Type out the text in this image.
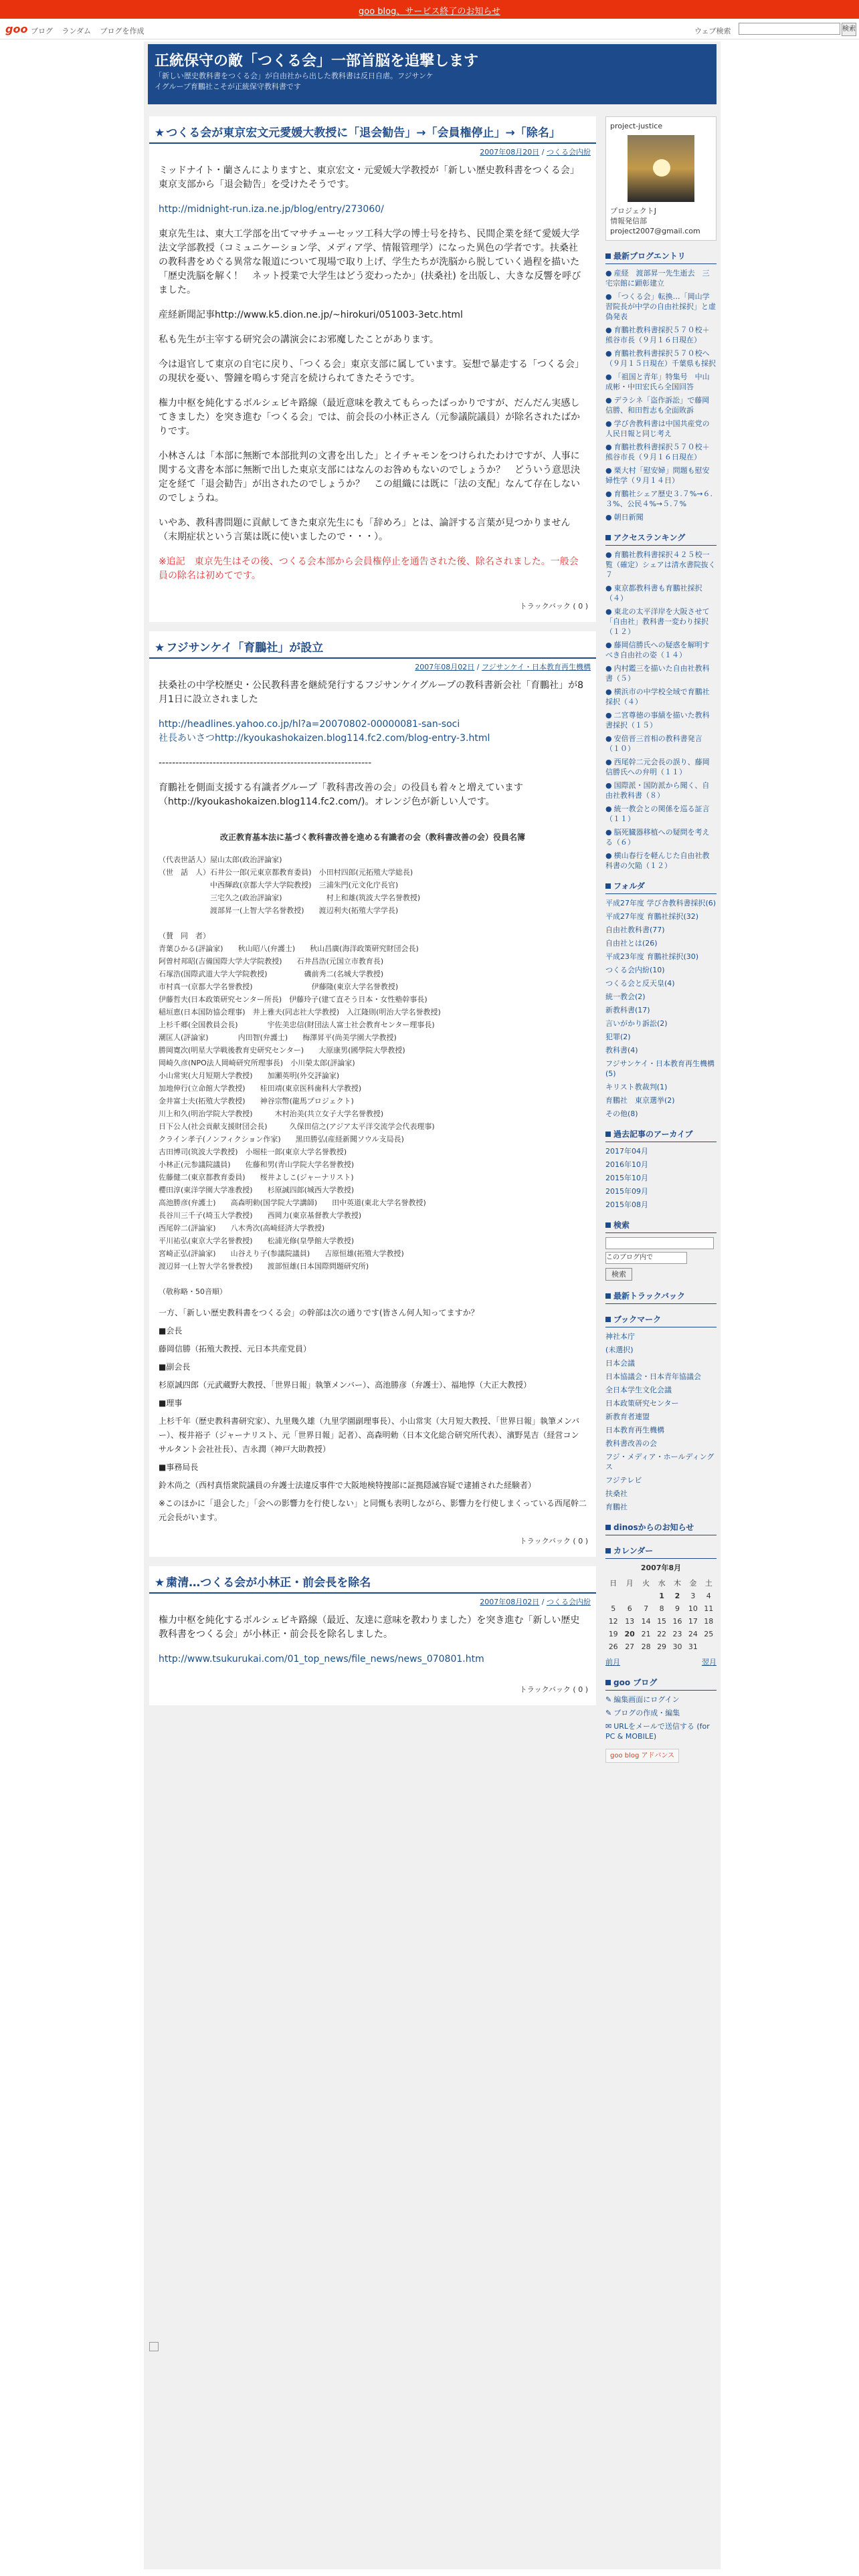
goo blog、サービス終了のお知らせ
goo ブログ ランダム ブログを作成	ウェブ検索	検索
正統保守の敵「つくる会」一部首脳を追撃します
「新しい歴史教科書をつくる会」が自由社から出した教科書は反日自虐。フジサンケイグループ育鵬社こそが正統保守教科書です
★ つくる会が東京宏文元愛媛大教授に「退会勧告」→「会員権停止」→「除名」
2007年08月20日 / つくる会内紛

ミッドナイト・蘭さんによりますと、東京宏文・元愛媛大学教授が「新しい歴史教科書をつくる会」東京支部から「退会勧告」を受けたそうです。

http://midnight-run.iza.ne.jp/blog/entry/273060/

東京先生は、東大工学部を出てマサチューセッツ工科大学の博士号を持ち、民間企業を経て愛媛大学法文学部教授（コミュニケーション学、メディア学、情報管理学）になった異色の学者です。扶桑社の教科書をめぐる異常な報道について現場で取り上げ、学生たちが洗脳から脱していく過程を描いた「歴史洗脳を解く！　ネット授業で大学生はどう変わったか」(扶桑社) を出版し、大きな反響を呼びました。

産経新聞記事http://www.k5.dion.ne.jp/~hirokuri/051003-3etc.html

私も先生が主宰する研究会の講演会にお邪魔したことがあります。

今は退官して東京の自宅に戻り、「つくる会」東京支部に属しています。妄想で暴走する「つくる会」の現状を憂い、警鐘を鳴らす発言を続けられてきたそうです。

権力中枢を純化するボルシェビキ路線（最近意味を教えてもらったばっかりですが、だんだん実感してきました）を突き進む「つくる会」では、前会長の小林正さん（元参議院議員）が除名されたばかりです。

小林さんは「本部に無断で本部批判の文書を出した」とイチャモンをつけられたわけですが、人事に関する文書を本部に無断で出した東京支部にはなんのお咎めもないのでしょうか？　どういう意思決定を経て「退会勧告」が出されたのでしょうか？　この組織には既に「法の支配」なんて存在しないのでしょうね。

いやあ、教科書問題に貢献してきた東京先生にも「辞めろ」とは、論評する言葉が見つかりません（末期症状という言葉は既に使いましたので・・・）。

※追記　東京先生はその後、つくる会本部から会員権停止を通告された後、除名されました。一般会員の除名は初めてです。

トラックバック ( 0 )
★ フジサンケイ「育鵬社」が設立
2007年08月02日 / フジサンケイ・日本教育再生機構

扶桑社の中学校歴史・公民教科書を継続発行するフジサンケイグループの教科書新会社「育鵬社」が8月1日に設立されました

http://headlines.yahoo.co.jp/hl?a=20070802-00000081-san-soci
社長あいさつhttp://kyoukashokaizen.blog114.fc2.com/blog-entry-3.html

---------------------------------------------------------------

育鵬社を側面支援する有識者グループ「教科書改善の会」の役員も着々と増えています（http://kyoukashokaizen.blog114.fc2.com/)。オレンジ色が新しい人です。

改正教育基本法に基づく教科書改善を進める有識者の会（教科書改善の会）役員名簿
（代表世話人）屋山太郎(政治評論家)
（世　話　人）石井公一郎(元東京都教育委員)　小田村四郎(元拓殖大学総長)
　　　　　　　中西輝政(京都大学大学院教授)　三浦朱門(元文化庁長官)
　　　　　　　三宅久之(政治評論家)　　　　　　村上和雄(筑波大学名誉教授)
　　　　　　　渡部昇一(上智大学名誉教授)　　渡辺利夫(拓殖大学学長)

（賛　同　者）
青葉ひかる(評論家)　　秋山昭八(弁護士)　　秋山昌廣(海洋政策研究財団会長)
阿曽村邦昭(吉備国際大学大学院教授)　　石井昌浩(元国立市教育長)
石塚浩(国際武道大学大学院教授)　　　　　磯前秀二(名城大学教授)
市村真一(京都大学名誉教授)　　　　　　　　伊藤隆(東京大学名誉教授)
伊藤哲夫(日本政策研究センター所長)　伊藤玲子(建て直そう日本・女性塾幹事長)
稲垣恵(日本国防協会理事)　井上雅夫(同志社大学教授)　入江隆則(明治大学名誉教授)
上杉千郷(全国教員会長)　　　　宇佐美忠信(財団法人富士社会教育センター理事長)
潮匡人(評論家)　　　　内田智(弁護士)　　梅澤昇平(尚美学園大学教授)
勝岡寛次(明星大学戦後教育史研究センター)　　大原康男(國學院大學教授)
岡崎久彦(NPO法人岡崎研究所理事長)　小川榮太郎(評論家)
小山常実(大月短期大学教授)　　加瀬英明(外交評論家)
加地伸行(立命館大学教授)　　桂田靖(東京医科歯科大学教授)
金井富士夫(拓殖大学教授)　　神谷宗幣(龍馬プロジェクト)
川上和久(明治学院大学教授)　　　木村治美(共立女子大学名誉教授)
日下公人(社会貢献支援財団会長)　　　久保田信之(アジア太平洋交流学会代表理事)
クライン孝子(ノンフィクション作家)　　黒田勝弘(産経新聞ソウル支局長)
古田博司(筑波大学教授)　小堀桂一郎(東京大学名誉教授)
小林正(元参議院議員)　　佐藤和男(青山学院大学名誉教授)
佐藤健二(東京都教育委員)　　桜井よしこ(ジャーナリスト)
櫻田淳(東洋学園大学准教授)　　杉原誠四郎(城西大学教授)
高池勝彦(弁護士)　　高森明勅(国学院大学講師)　　田中英道(東北大学名誉教授)
長谷川三千子(埼玉大学教授)　　西岡力(東京基督教大学教授)
西尾幹二(評論家)　　八木秀次(高崎経済大学教授)
平川祐弘(東京大学名誉教授)　　松浦光修(皇學館大学教授)
宮崎正弘(評論家)　　山谷えり子(参議院議員)　　吉原恒雄(拓殖大学教授)
渡辺昇一(上智大学名誉教授)　　渡部恒雄(日本国際問題研究所)

（敬称略・50音順）

一方、「新しい歴史教科書をつくる会」の幹部は次の通りです(皆さん何人知ってますか？

■会長

藤岡信勝（拓殖大教授、元日本共産党員）

■副会長

杉原誠四郎（元武蔵野大教授、「世界日報」執筆メンバー）、高池勝彦（弁護士）、福地惇（大正大教授）

■理事

上杉千年（歴史教科書研究家）、九里幾久雄（九里学園副理事長）、小山常実（大月短大教授、「世界日報」執筆メンバー）、桜井裕子（ジャーナリスト、元「世界日報」記者）、高森明勅（日本文化総合研究所代表）、濱野晃吉（経営コンサルタント会社社長）、吉永潤（神戸大助教授）

■事務局長

鈴木尚之（西村真悟衆院議員の弁護士法違反事件で大阪地検特捜部に証拠隠滅容疑で逮捕された経験者）

※このほかに「退会した」「会への影響力を行使しない」と同慨も表明しながら、影響力を行使しまくっている西尾幹二元会長がいます。

トラックバック ( 0 )
★ 粛清…つくる会が小林正・前会長を除名
2007年08月02日 / つくる会内紛

権力中枢を純化するボルシェビキ路線（最近、友達に意味を教わりました）を突き進む「新しい歴史教科書をつくる会」が小林正・前会長を除名しました。

http://www.tsukurukai.com/01_top_news/file_news/news_070801.htm

トラックバック ( 0 )
project-justice
プロジェクトJ
情報発信部
project2007@gmail.com
最新プログエントリ
● 産経　渡部昇一先生逝去　三宅宗館に顕彰建立
● 「つくる会」転換…「岡山学習院長が中学の自由社採択」と虚偽発表
● 育鵬社教科書採択５７０校＋熊谷市長（９月１６日現在）
● 育鵬社教科書採択５７０校へ（９月１５日現在）千葉県も採択
● 「祖国と青年」特集号　中山成彬・中田宏氏ら全国回答
● デラシネ「盗作訴訟」で藤岡信勝、和田哲志も全面敗訴
● 学び舎教科書は中国共産党の人民日報と同じ考え
● 育鵬社教科書採択５７０校＋熊谷市長（９月１６日現在）
● 栗大村「慰安婦」問題も慰安婦性学（９月１４日）
● 育鵬社シェア歴史３.７%→６.３%、公民４%→５.７%
● 朝日新聞
アクセスランキング
● 育鵬社教科書採択４２５校一覧（確定）シェアは清水書院抜く７
● 東京都教科書も育鵬社採択（４）
● 東北の太平洋岸を大阪させて「自由社」教科書一変わり採択（１２）
● 藤岡信勝氏への疑惑を解明すべき自由社の姿（１４）
● 内村鑑三を描いた自由社教科書（５）
● 横浜市の中学校全域で育鵬社採択（４）
● 二宮尊徳の事績を描いた教科書採択（１５）
● 安倍晋三首相の教科書発言（１０）
● 西尾幹二元会長の誤り、藤岡信勝氏への弁明（１１）
● 国際派・国防派から聞く、自由社教科書（８）
● 統一教会との関係を巡る証言（１１）
● 脳死臓器移植への疑問を考える（６）
● 横山春行を軽んじた自由社教科書の欠陥（１２）
フォルダ
平成27年度 学び舎教科書採択(6)
平成27年度 育鵬社採択(32)
自由社教科書(77)
自由社とは(26)
平成23年度 育鵬社採択(30)
つくる会内紛(10)
つくる会と反天皇(4)
統一教会(2)
新教科書(17)
言いがかり訴訟(2)
犯罪(2)
教科書(4)
フジサンケイ・日本教育再生機構(5)
キリスト教裁判(1)
育鵬社　東京選挙(2)
その他(8)
過去記事のアーカイブ
2017年04月
2016年10月
2015年10月
2015年09月
2015年08月
検索
このブログ内で
検索
最新トラックバック
ブックマーク
神社本庁
(未選択)
日本会議
日本協議会・日本青年協議会
全日本学生文化会議
日本政策研究センター
新教育者連盟
日本教育再生機構
教科書改善の会
フジ・メディア・ホールディングス
フジテレビ
扶桑社
育鵬社
dinosからのお知らせ
カレンダー
2007年8月
日	月	火	水	木	金	土
			1	2	3	4
5	6	7	8	9	10	11
12	13	14	15	16	17	18
19	20	21	22	23	24	25
26	27	28	29	30	31	
前月	翌月
goo ブログ
✎ 編集画面にログイン
✎ ブログの作成・編集
✉ URLをメールで送信する (for PC & MOBILE)
goo blog アドバンス
